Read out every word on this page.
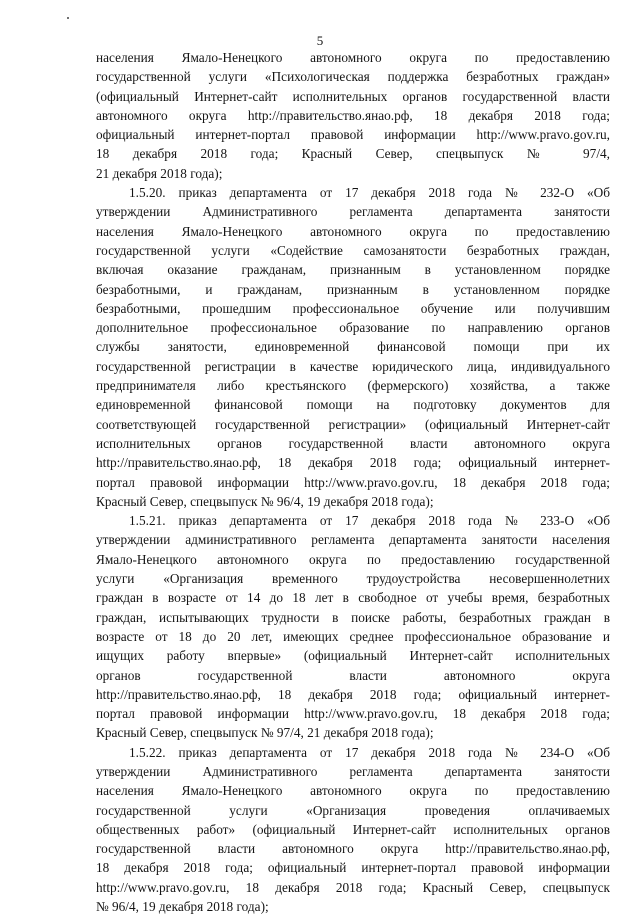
5
населения Ямало-Ненецкого автономного округа по предоставлению
государственной услуги «Психологическая поддержка безработных граждан»
(официальный Интернет-сайт исполнительных органов государственной власти
автономного округа http://правительство.янао.рф, 18 декабря 2018 года;
официальный интернет-портал правовой информации http://www.pravo.gov.ru,
18 декабря 2018 года; Красный Север, спецвыпуск № 97/4,
21 декабря 2018 года);
1.5.20. приказ департамента от 17 декабря 2018 года № 232-О «Об
утверждении Административного регламента департамента занятости
населения Ямало-Ненецкого автономного округа по предоставлению
государственной услуги «Содействие самозанятости безработных граждан,
включая оказание гражданам, признанным в установленном порядке
безработными, и гражданам, признанным в установленном порядке
безработными, прошедшим профессиональное обучение или получившим
дополнительное профессиональное образование по направлению органов
службы занятости, единовременной финансовой помощи при их
государственной регистрации в качестве юридического лица, индивидуального
предпринимателя либо крестьянского (фермерского) хозяйства, а также
единовременной финансовой помощи на подготовку документов для
соответствующей государственной регистрации» (официальный Интернет-сайт
исполнительных органов государственной власти автономного округа
http://правительство.янао.рф, 18 декабря 2018 года; официальный интернет-
портал правовой информации http://www.pravo.gov.ru, 18 декабря 2018 года;
Красный Север, спецвыпуск № 96/4, 19 декабря 2018 года);
1.5.21. приказ департамента от 17 декабря 2018 года № 233-О «Об
утверждении административного регламента департамента занятости населения
Ямало-Ненецкого автономного округа по предоставлению государственной
услуги «Организация временного трудоустройства несовершеннолетних
граждан в возрасте от 14 до 18 лет в свободное от учебы время, безработных
граждан, испытывающих трудности в поиске работы, безработных граждан в
возрасте от 18 до 20 лет, имеющих среднее профессиональное образование и
ищущих работу впервые» (официальный Интернет-сайт исполнительных
органов государственной власти автономного округа
http://правительство.янао.рф, 18 декабря 2018 года; официальный интернет-
портал правовой информации http://www.pravo.gov.ru, 18 декабря 2018 года;
Красный Север, спецвыпуск № 97/4, 21 декабря 2018 года);
1.5.22. приказ департамента от 17 декабря 2018 года № 234-О «Об
утверждении Административного регламента департамента занятости
населения Ямало-Ненецкого автономного округа по предоставлению
государственной услуги «Организация проведения оплачиваемых
общественных работ» (официальный Интернет-сайт исполнительных органов
государственной власти автономного округа http://правительство.янао.рф,
18 декабря 2018 года; официальный интернет-портал правовой информации
http://www.pravo.gov.ru, 18 декабря 2018 года; Красный Север, спецвыпуск
№ 96/4, 19 декабря 2018 года);
